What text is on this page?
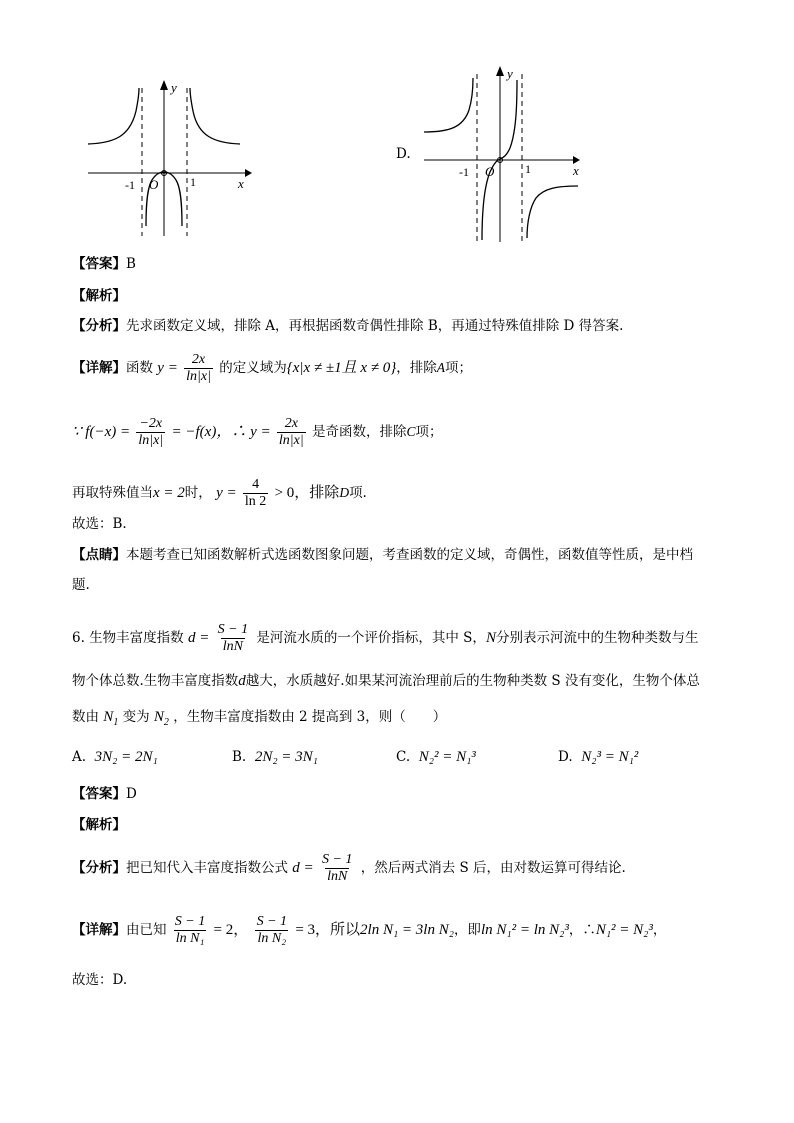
y
x
O
-1	1
D.
y
x
O
-1	1
【答案】B
【解析】
【分析】先求函数定义域，排除 A，再根据函数奇偶性排除 B，再通过特殊值排除 D 得答案.
【详解】函数 $y = \frac{2x}{\ln|x|}$ 的定义域为{x|x ≠ ±1且 x ≠ 0}，排除A项；
∵ $f(-x) = \frac{-2x}{\ln|x|} = -f(x)$，∴ $y = \frac{2x}{\ln|x|}$ 是奇函数，排除C项；
再取特殊值当x = 2时， $y = \frac{4}{\ln 2} > 0$，排除D项.
故选：B.
【点睛】本题考查已知函数解析式选函数图象问题，考查函数的定义域，奇偶性，函数值等性质，是中档
题.
6. 生物丰富度指数 $d = \frac{S - 1}{\ln N}$ 是河流水质的一个评价指标，其中 S，N分别表示河流中的生物种类数与生
物个体总数.生物丰富度指数d越大，水质越好.如果某河流治理前后的生物种类数 S 没有变化，生物个体总
数由 $N_1$ 变为 $N_2$ ，生物丰富度指数由 2 提高到 3，则（　　）
A. 3N₂ = 2N₁	B. 2N₂ = 3N₁	C. N₂² = N₁³	D. N₂³ = N₁²
【答案】D
【解析】
【分析】把已知代入丰富度指数公式 $d = \frac{S - 1}{\ln N}$ ，然后两式消去 S 后，由对数运算可得结论.
【详解】由已知 $\frac{S - 1}{\text{ln N₁}} = 2$， $\frac{S - 1}{\text{ln N₂}} = 3$，所以2ln N₁ = 3ln N₂，即ln N₁² = ln N₂³，∴N₁² = N₂³，
故选：D.
